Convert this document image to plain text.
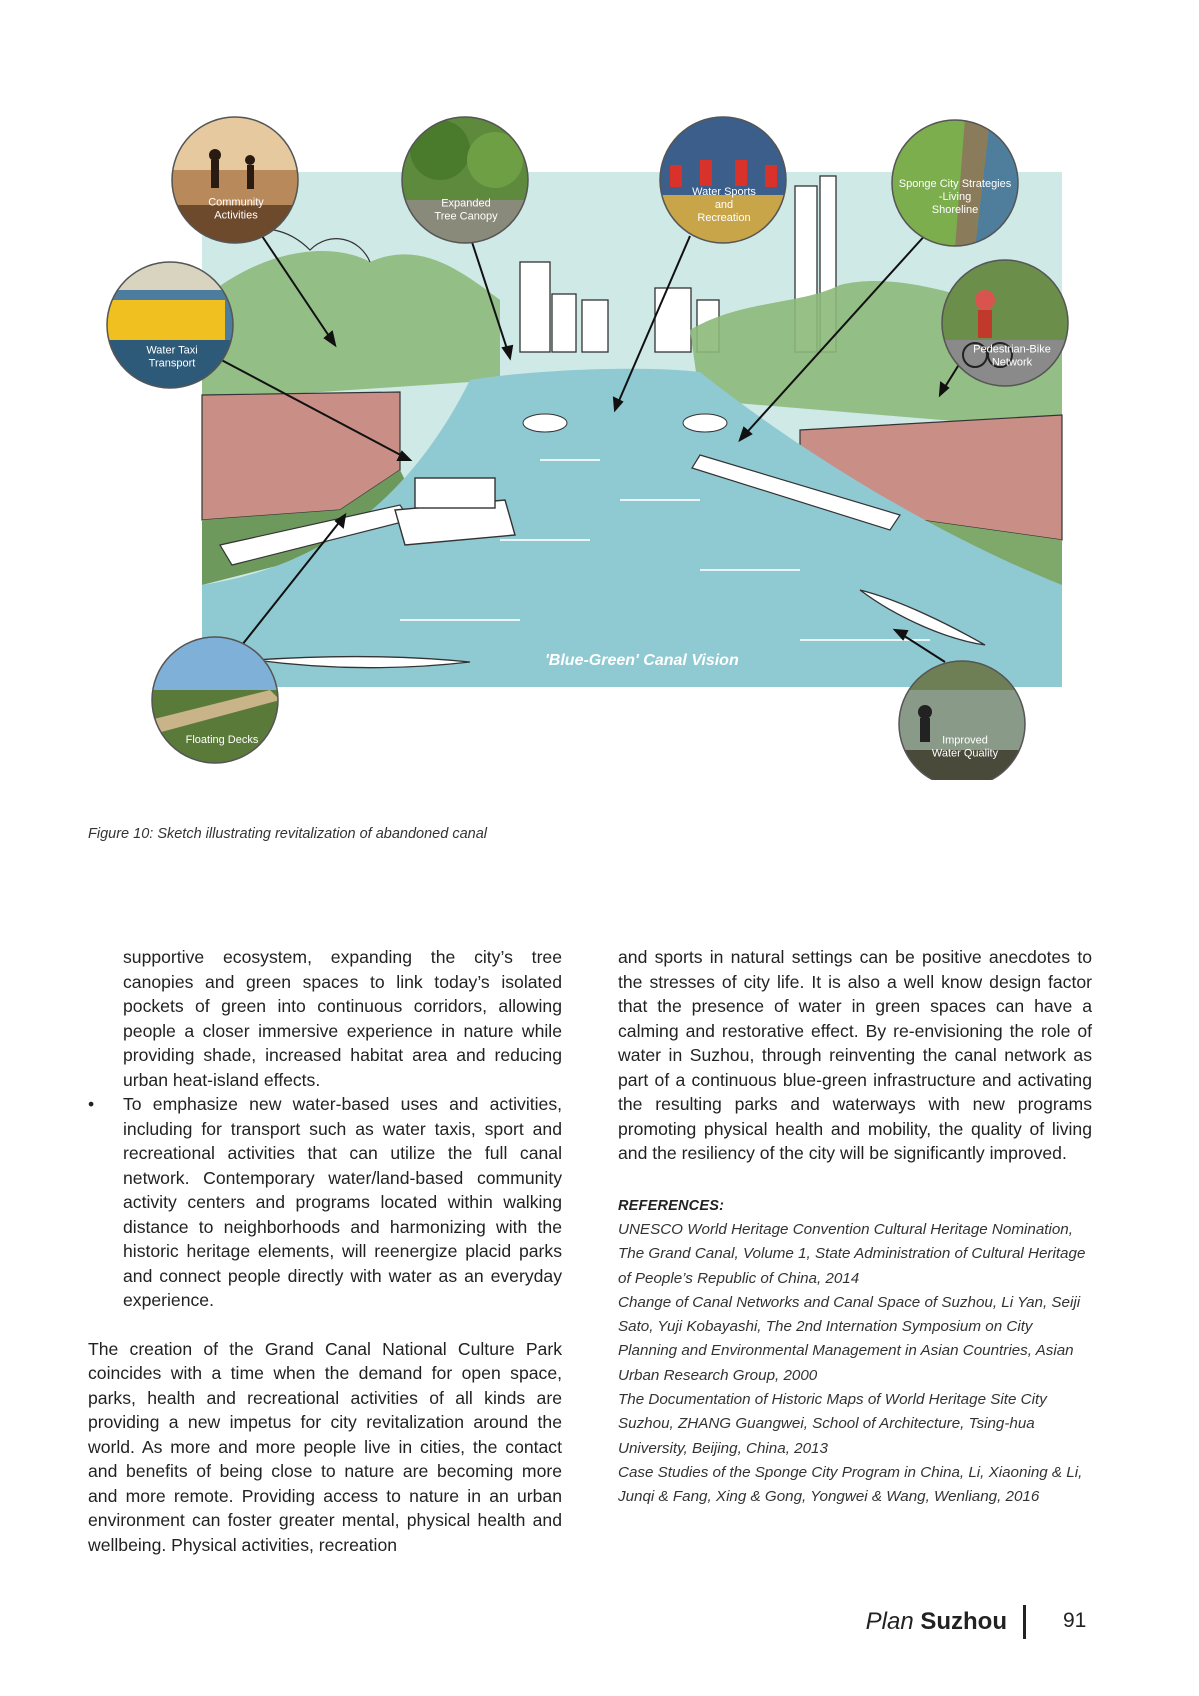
'Blue-Green' Canal Vision
Community Activities
Expanded Tree Canopy
Water Sports and Recreation
Sponge City Strategies -Living Shoreline
Water Taxi Transport
Pedestrian-Bike Network
Floating Decks	Improved Water Quality
Figure 10: Sketch illustrating revitalization of abandoned canal

supportive ecosystem, expanding the city’s tree canopies and green spaces to link today’s isolated pockets of green into continuous corridors, allowing people a closer immersive experience in nature while providing shade, increased habitat area and reducing urban heat-island effects.

• To emphasize new water-based uses and activities, including for transport such as water taxis, sport and recreational activities that can utilize the full canal network. Contemporary water/land-based community activity centers and programs located within walking distance to neighborhoods and harmonizing with the historic heritage elements, will reenergize placid parks and connect people directly with water as an everyday experience.

The creation of the Grand Canal National Culture Park coincides with a time when the demand for open space, parks, health and recreational activities of all kinds are providing a new impetus for city revitalization around the world. As more and more people live in cities, the contact and benefits of being close to nature are becoming more and more remote. Providing access to nature in an urban environment can foster greater mental, physical health and wellbeing. Physical activities, recreation

and sports in natural settings can be positive anecdotes to the stresses of city life. It is also a well know design factor that the presence of water in green spaces can have a calming and restorative effect. By re-envisioning the role of water in Suzhou, through reinventing the canal network as part of a continuous blue-green infrastructure and activating the resulting parks and waterways with new programs promoting physical health and mobility, the quality of living and the resiliency of the city will be significantly improved.

REFERENCES:

UNESCO World Heritage Convention Cultural Heritage Nomination, The Grand Canal, Volume 1, State Administration of Cultural Heritage of People’s Republic of China, 2014

Change of Canal Networks and Canal Space of Suzhou, Li Yan, Seiji Sato, Yuji Kobayashi, The 2nd Internation Symposium on City Planning and Environmental Management in Asian Countries, Asian Urban Research Group, 2000

The Documentation of Historic Maps of World Heritage Site City Suzhou, ZHANG Guangwei, School of Architecture, Tsing-hua University, Beijing, China, 2013

Case Studies of the Sponge City Program in China, Li, Xiaoning & Li, Junqi & Fang, Xing & Gong, Yongwei & Wang, Wenliang, 2016

Plan Suzhou	91
